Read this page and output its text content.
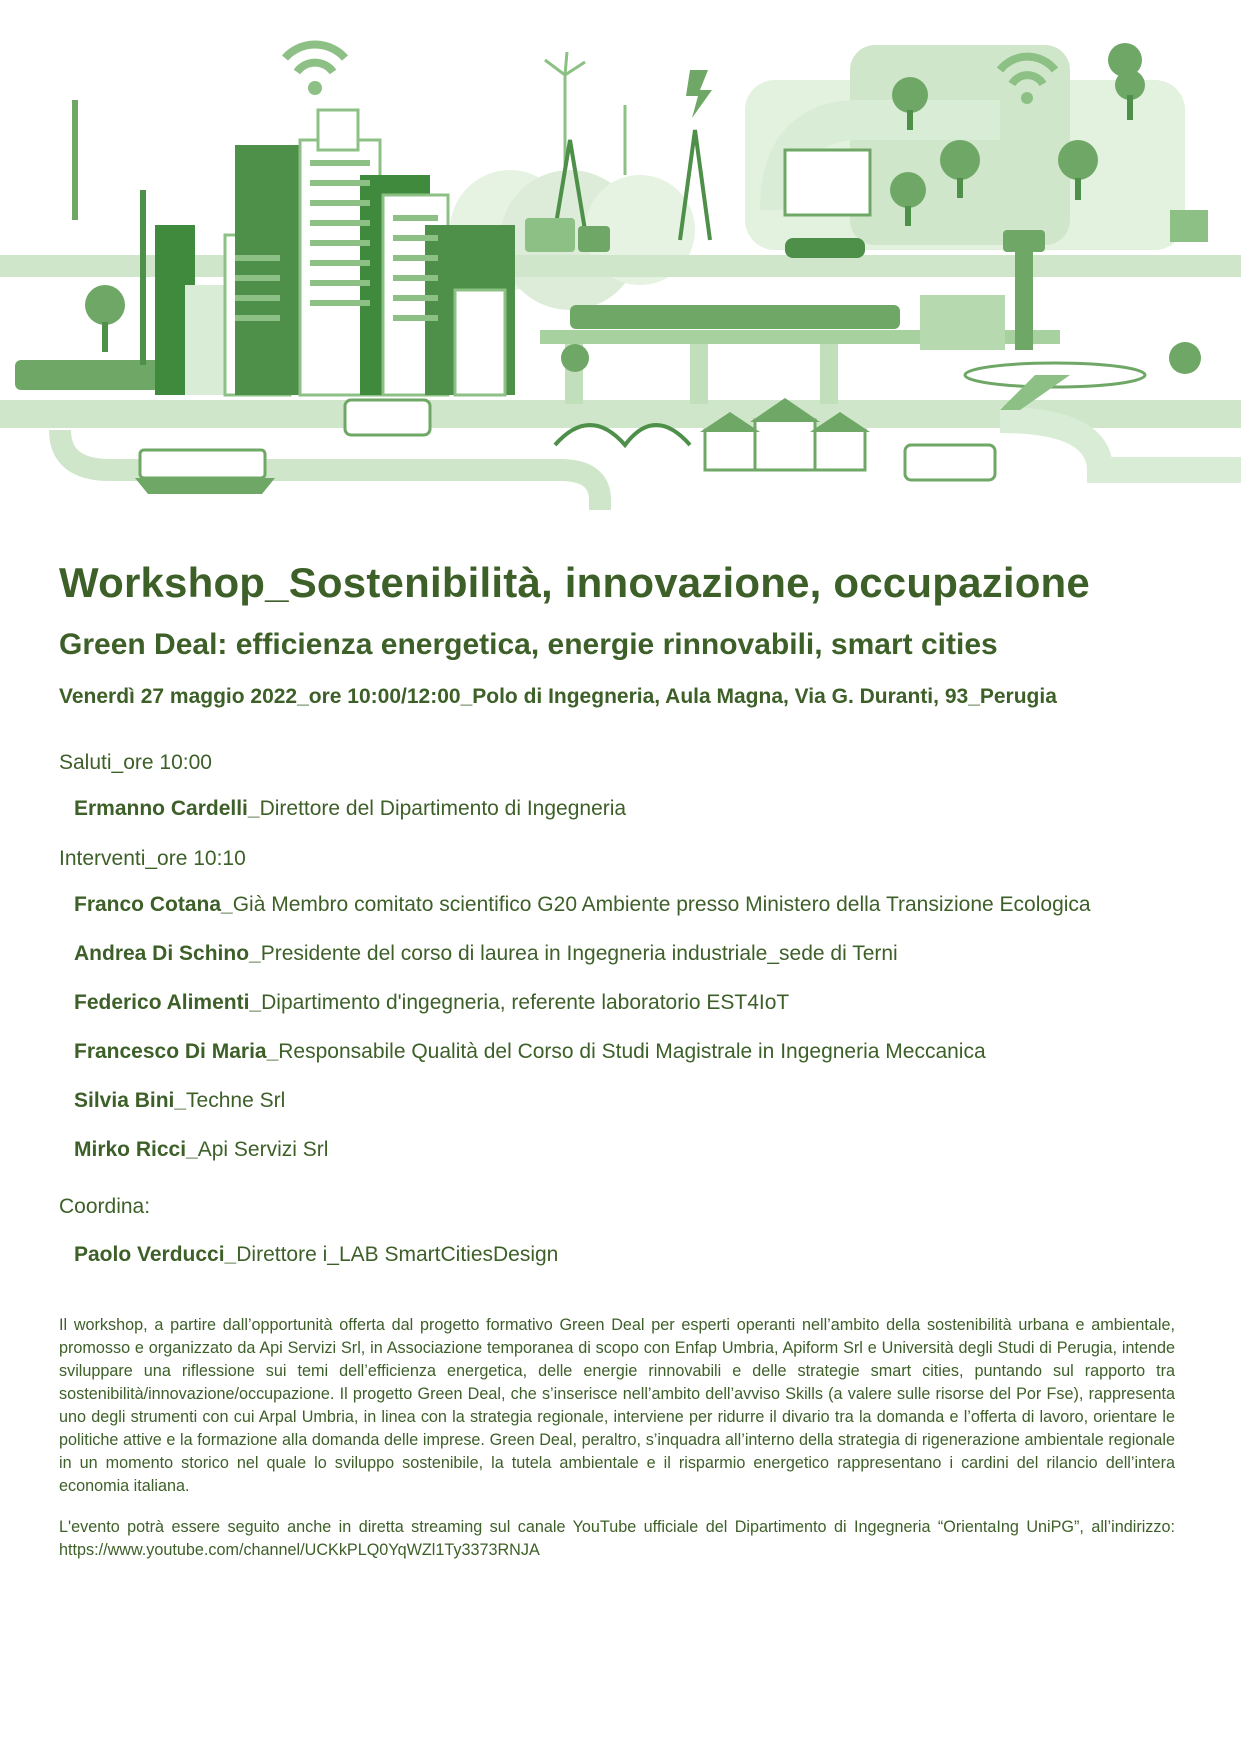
Workshop_Sostenibilità, innovazione, occupazione
Green Deal: efficienza energetica, energie rinnovabili, smart cities

Venerdì 27 maggio 2022_ore 10:00/12:00_Polo di Ingegneria, Aula Magna, Via G. Duranti, 93_Perugia

Saluti_ore 10:00
Ermanno Cardelli_Direttore del Dipartimento di Ingegneria
Interventi_ore 10:10
Franco Cotana_Già Membro comitato scientifico G20 Ambiente presso Ministero della Transizione Ecologica
Andrea Di Schino_Presidente del corso di laurea in Ingegneria industriale_sede di Terni
Federico Alimenti_Dipartimento d'ingegneria, referente laboratorio EST4IoT
Francesco Di Maria_Responsabile Qualità del Corso di Studi Magistrale in Ingegneria Meccanica
Silvia Bini_Techne Srl
Mirko Ricci_Api Servizi Srl
Coordina:
Paolo Verducci_Direttore i_LAB SmartCitiesDesign

Il workshop, a partire dall’opportunità offerta dal progetto formativo Green Deal per esperti operanti nell’ambito della sostenibilità urbana e ambientale, promosso e organizzato da Api Servizi Srl, in Associazione temporanea di scopo con Enfap Umbria, Apiform Srl e Università degli Studi di Perugia, intende sviluppare una riflessione sui temi dell’efficienza energetica, delle energie rinnovabili e delle strategie smart cities, puntando sul rapporto tra sostenibilità/innovazione/occupazione. Il progetto Green Deal, che s’inserisce nell’ambito dell’avviso Skills (a valere sulle risorse del Por Fse), rappresenta uno degli strumenti con cui Arpal Umbria, in linea con la strategia regionale, interviene per ridurre il divario tra la domanda e l’offerta di lavoro, orientare le politiche attive e la formazione alla domanda delle imprese. Green Deal, peraltro, s’inquadra all’interno della strategia di rigenerazione ambientale regionale in un momento storico nel quale lo sviluppo sostenibile, la tutela ambientale e il risparmio energetico rappresentano i cardini del rilancio dell’intera economia italiana.

L'evento potrà essere seguito anche in diretta streaming sul canale YouTube ufficiale del Dipartimento di Ingegneria “OrientaIng UniPG”, all’indirizzo: https://www.youtube.com/channel/UCKkPLQ0YqWZl1Ty3373RNJA
